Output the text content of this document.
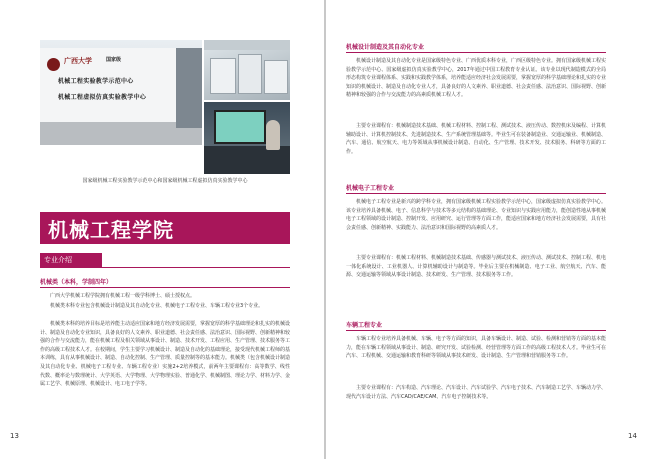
广西大学	国家级
机械工程实验教学示范中心
机械工程虚拟仿真实验教学中心
国家级机械工程实验教学示范中心和国家级机械工程虚拟仿真实验教学中心
机械工程学院
专业介绍
机械类（本科，学制四年）
广西大学机械工程学院拥有机械工程一级学科博士、硕士授权点。
机械类本科专业包含机械设计制造及其自动化专业、机械电子工程专业、车辆工程专业3个专业。
机械类本科的培养目标是培养能主动适应国家和地方经济发展需要，掌握宽厚的科学基础理论和扎实的机械设计、制造及自动化专业知识，具备良好的人文素养、职业道德、社会责任感、法治意识、国际视野、创新精神和较强的合作与交流能力，能在机械工程及相关领域从事设计、制造、技术开发、工程应用、生产管理、技术服务等工作的高级工程技术人才。在校期间，学生主要学习机械设计、制造及自动化的基础理论，接受现代机械工程师的基本训练，具有从事机械设计、制造、自动化控制、生产管理、质量控制等的基本能力。机械类（包含机械设计制造及其自动化专业、机械电子工程专业、车辆工程专业）实施2+2培养模式，前两年主要课程有：高等数学、线性代数、概率论与数理统计、大学英语、大学物理、大学物理实验、普通化学、机械制图、理论力学、材料力学、金属工艺学、机械原理、机械设计、电工电子学等。
13
机械设计制造及其自动化专业
机械设计制造及其自动化专业是国家级特色专业、广西优质本科专业，广西区级特色专业。拥有国家级机械工程实验教学示范中心、国家级虚拟仿真实验教学中心，2017年通过中国工程教育专业认证。该专业以现代制造模式的全局形态构筑专业课程体系、实践和实践教学体系，培养能适应经济社会发展需要，掌握宽厚的科学基础理论和扎实的专业知识的机械设计、制造及自动化专业人才，具备良好的人文素养、职业道德、社会责任感、法治意识、国际视野、创新精神和较强的合作与交流能力的高素质机械工程人才。
主要专业课程有：机械制造技术基础、机械工程材料、控制工程、测试技术、液压传动、数控机床及编程、计算机辅助设计、计算机控制技术、先进制造技术、生产系统管理基础等。毕业生可在装备制造业、交通运输业、机械制造、汽车、通信、航空航天、电力等领域从事机械设计制造、自动化、生产管理、技术开发、技术服务、科研等方面的工作。
机械电子工程专业
机械电子工程专业是新兴的跨学科专业，拥有国家级机械工程实验教学示范中心，国家级虚拟仿真实验教学中心。该专业培养具备机械、电子、信息科学与技术等多元结构的基础理论、专业知识与实践应用能力，能创造性地从事机械电子工程领域的设计制造、控制开发、应用研究、运行管理等方面工作，能适应国家和地方经济社会发展需要，具有社会责任感、创新精神、实践能力、法治意识和国际视野的高素质人才。
主要专业课程有：机械工程材料、机械制造技术基础、传感器与测试技术、液压传动、测试技术、控制工程、机电一体化系统设计、工业机器人、计算机辅助设计与制造等。毕业后主要在机械制造、电子工业、航空航天、汽车、能源、交通运输等领域从事设计制造、技术研发、生产管理、技术服务等工作。
车辆工程专业
车辆工程专业培养具备机械、车辆、电子等方面的知识，具备车辆设计、制造、试验、检测和营销等方面的基本能力，能在车辆工程领域从事设计、制造、研究开发、试验检测、经营管理等方面工作的高级工程技术人才。毕业生可在汽车、工程机械、交通运输和教育科研等领域从事技术研发、设计制造、生产管理和营销服务等工作。
主要专业课程有：汽车构造、汽车理论、汽车设计、汽车试验学、汽车电子技术、汽车制造工艺学、车辆动力学、现代汽车设计方法、汽车CAD/CAE/CAM、汽车电子控制技术等。
14
